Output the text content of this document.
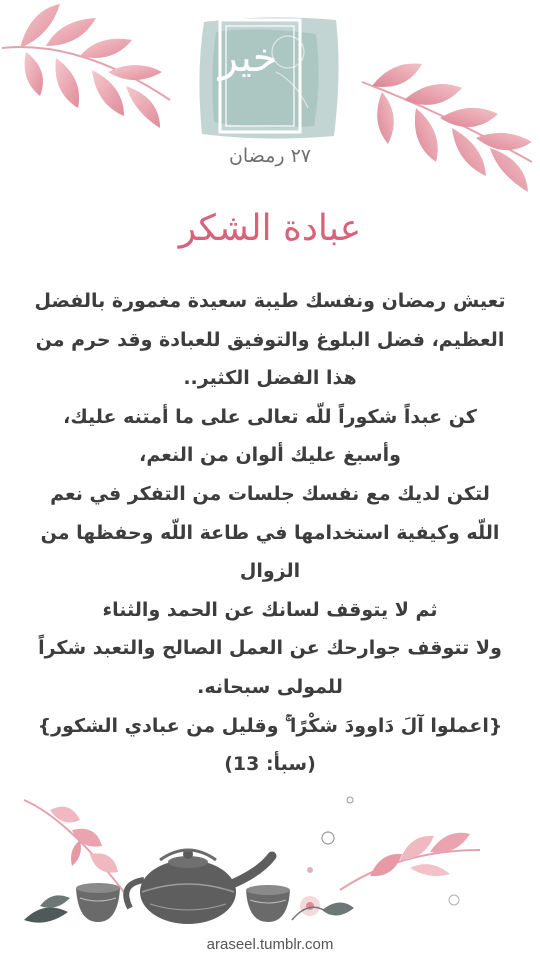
خير
٢٧ رمضان
عبادة الشكر
تعيش رمضان ونفسك طيبة سعيدة مغمورة بالفضل
العظيم، فضل البلوغ والتوفيق للعبادة وقد حرم من
هذا الفضل الكثير..
كن عبداً شكوراً للّه تعالى على ما أمتنه عليك،
وأسبغ عليك ألوان من النعم،
لتكن لديك مع نفسك جلسات من التفكر في نعم
اللّه وكيفية استخدامها في طاعة اللّه وحفظها من
الزوال
ثم لا يتوقف لسانك عن الحمد والثناء
ولا تتوقف جوارحك عن العمل الصالح والتعبد شكراً
للمولى سبحانه.
{اعملوا آلَ دَاوودَ شكْرًا ۚ وقليل من عبادي الشكور}
(سبأ: 13)
araseel.tumblr.com
